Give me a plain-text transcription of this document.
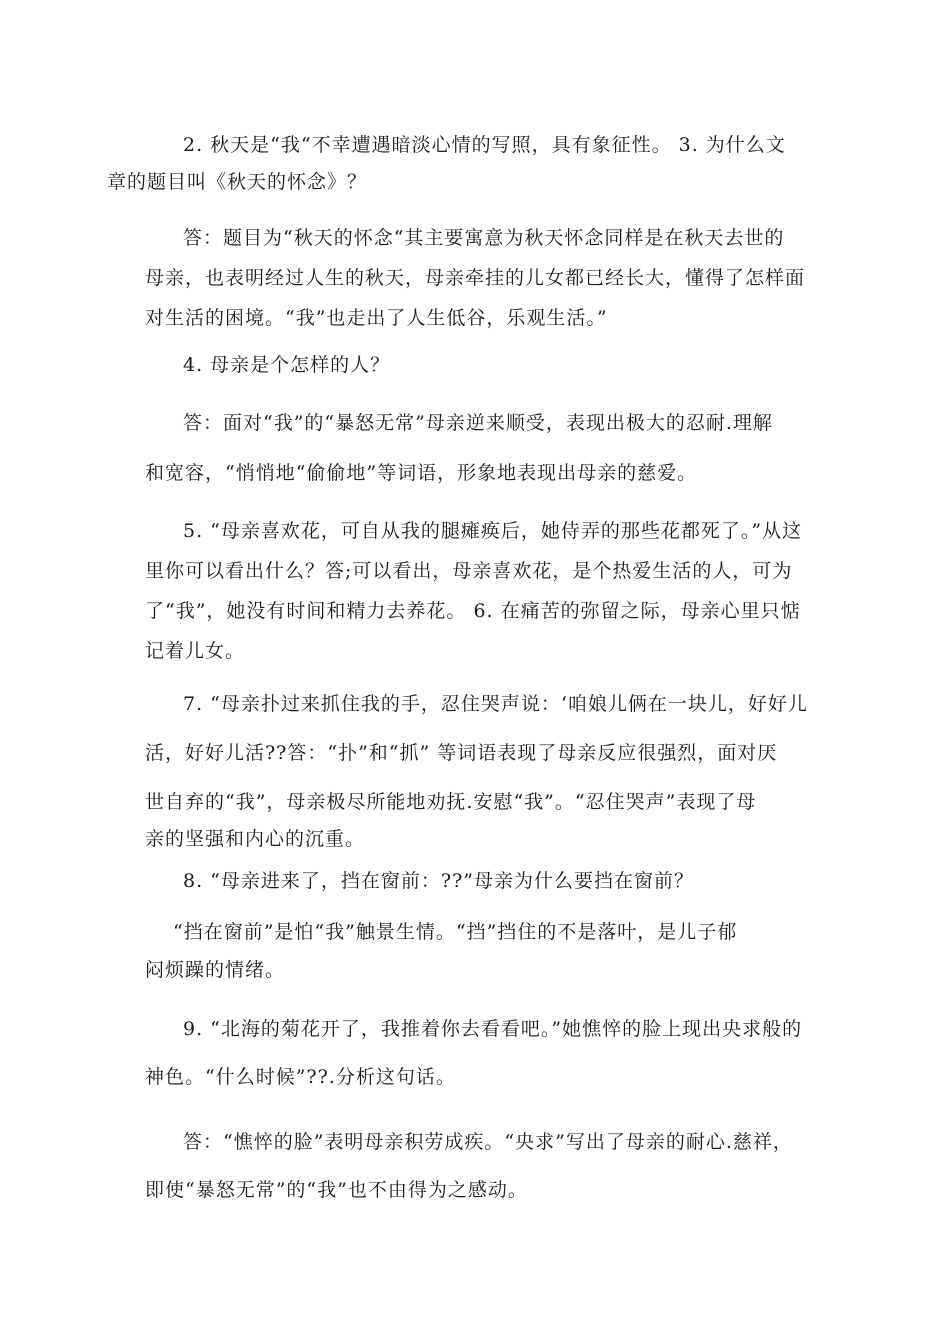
2. 秋天是“我“不幸遭遇暗淡心情的写照，具有象征性。 3. 为什么文
章的题目叫《秋天的怀念》？
答：题目为“秋天的怀念“其主要寓意为秋天怀念同样是在秋天去世的
母亲，也表明经过人生的秋天，母亲牵挂的儿女都已经长大，懂得了怎样面
对生活的困境。“我”也走出了人生低谷，乐观生活。”
4. 母亲是个怎样的人？
答：面对“我”的“暴怒无常”母亲逆来顺受，表现出极大的忍耐.理解
和宽容，“悄悄地“偷偷地”等词语，形象地表现出母亲的慈爱。
5. “母亲喜欢花，可自从我的腿瘫痪后，她侍弄的那些花都死了。”从这
里你可以看出什么？答;可以看出，母亲喜欢花，是个热爱生活的人，可为
了“我”，她没有时间和精力去养花。 6. 在痛苦的弥留之际，母亲心里只惦
记着儿女。
7. “母亲扑过来抓住我的手，忍住哭声说：‘咱娘儿俩在一块儿，好好儿
活，好好儿活??答：“扑”和“抓” 等词语表现了母亲反应很强烈，面对厌
世自弃的“我”，母亲极尽所能地劝抚.安慰“我”。“忍住哭声”表现了母
亲的坚强和内心的沉重。
8. “母亲进来了，挡在窗前：??”母亲为什么要挡在窗前？
“挡在窗前”是怕“我”触景生情。“挡”挡住的不是落叶，是儿子郁
闷烦躁的情绪。
9. “北海的菊花开了，我推着你去看看吧。”她憔悴的脸上现出央求般的
神色。“什么时候”??.分析这句话。
答：“憔悴的脸”表明母亲积劳成疾。“央求”写出了母亲的耐心.慈祥，
即使“暴怒无常”的“我”也不由得为之感动。
